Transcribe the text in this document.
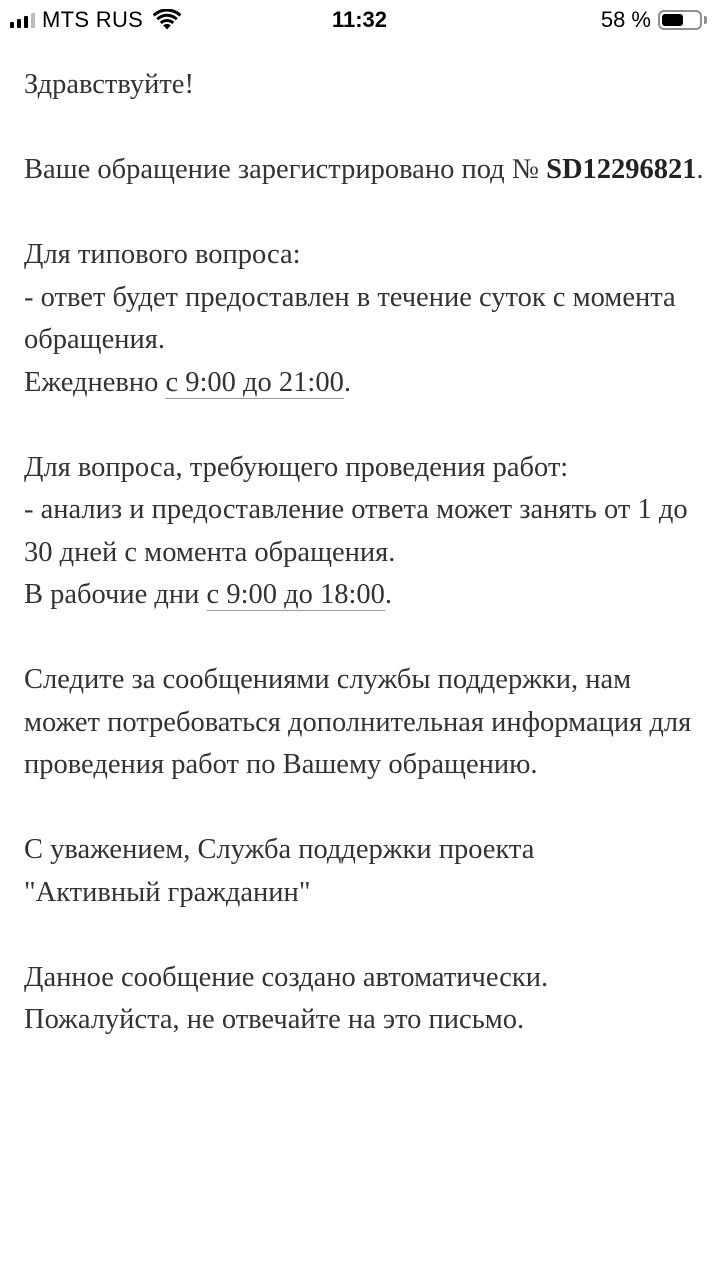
MTS RUS	11:32	58 %

Здравствуйте!

Ваше обращение зарегистрировано под № SD12296821.

Для типового вопроса:
- ответ будет предоставлен в течение суток с момента обращения.
Ежедневно с 9:00 до 21:00.

Для вопроса, требующего проведения работ:
- анализ и предоставление ответа может занять от 1 до 30 дней с момента обращения.
В рабочие дни с 9:00 до 18:00.

Следите за сообщениями службы поддержки, нам может потребоваться дополнительная информация для проведения работ по Вашему обращению.

С уважением, Служба поддержки проекта
"Активный гражданин"

Данное сообщение создано автоматически.
Пожалуйста, не отвечайте на это письмо.
